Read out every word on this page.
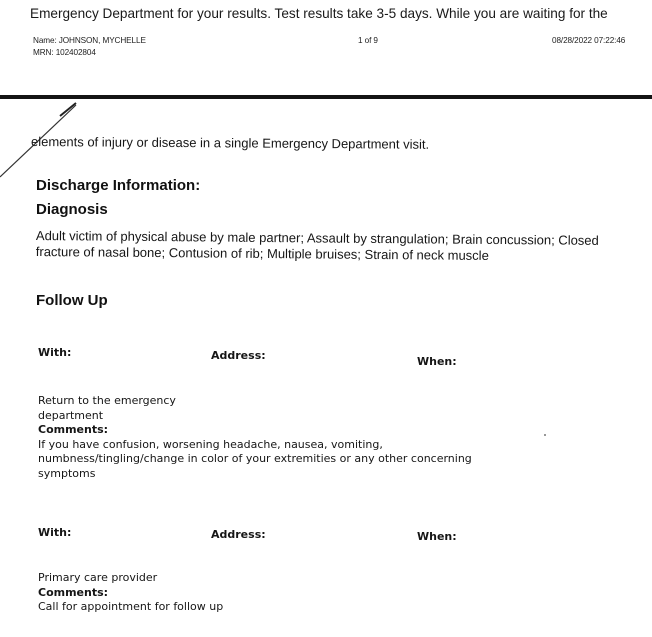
Emergency Department for your results. Test results take 3-5 days. While you are waiting for the
Name: JOHNSON, MYCHELLE
MRN: 102402804
1 of 9	08/28/2022 07:22:46
elements of injury or disease in a single Emergency Department visit.
Discharge Information:
Diagnosis
Adult victim of physical abuse by male partner; Assault by strangulation; Brain concussion; Closed fracture of nasal bone; Contusion of rib; Multiple bruises; Strain of neck muscle
Follow Up
With:	Address:	When:
Return to the emergency department
Comments:
If you have confusion, worsening headache, nausea, vomiting, numbness/tingling/change in color of your extremities or any other concerning symptoms
With:	Address:	When:
Primary care provider
Comments:
Call for appointment for follow up
